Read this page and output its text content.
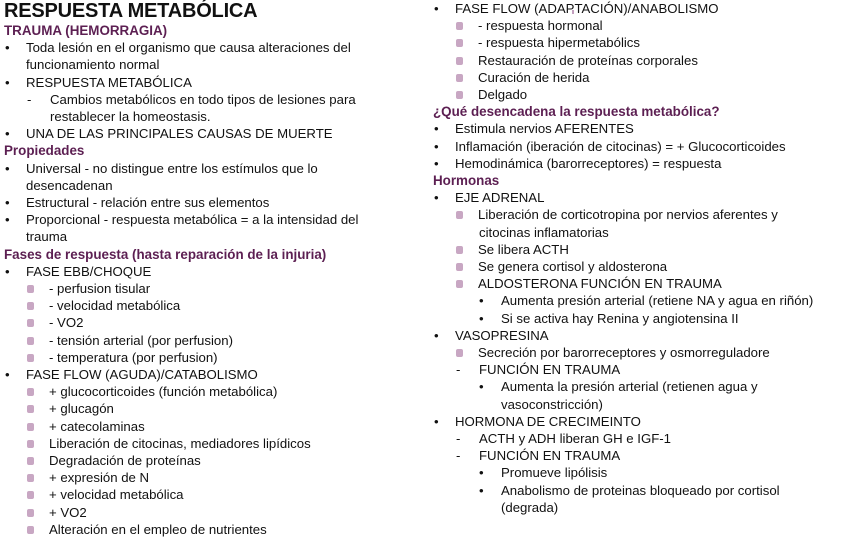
RESPUESTA METABÓLICA
TRAUMA (HEMORRAGIA)
• Toda lesión en el organismo que causa alteraciones del
funcionamiento normal
• RESPUESTA METABÓLICA
- Cambios metabólicos en todo tipos de lesiones para
restablecer la homeostasis.
• UNA DE LAS PRINCIPALES CAUSAS DE MUERTE
Propiedades
• Universal - no distingue entre los estímulos que lo
desencadenan
• Estructural - relación entre sus elementos
• Proporcional - respuesta metabólica = a la intensidad del
trauma
Fases de respuesta (hasta reparación de la injuria)
• FASE EBB/CHOQUE
- perfusion tisular
- velocidad metabólica
- VO2
- tensión arterial (por perfusion)
- temperatura (por perfusion)
• FASE FLOW (AGUDA)/CATABOLISMO
+ glucocorticoides (función metabólica)
+ glucagón
+ catecolaminas
Liberación de citocinas, mediadores lipídicos
Degradación de proteínas
+ expresión de N
+ velocidad metabólica
+ VO2
Alteración en el empleo de nutrientes
• FASE FLOW (ADAPTACIÓN)/ANABOLISMO
- respuesta hormonal
- respuesta hipermetabólics
Restauración de proteínas corporales
Curación de herida
Delgado
¿Qué desencadena la respuesta metabólica?
• Estimula nervios AFERENTES
• Inflamación (iberación de citocinas) = + Glucocorticoides
• Hemodinámica (barorreceptores) = respuesta
Hormonas
• EJE ADRENAL
Liberación de corticotropina por nervios aferentes y
citocinas inflamatorias
Se libera ACTH
Se genera cortisol y aldosterona
ALDOSTERONA FUNCIÓN EN TRAUMA
• Aumenta presión arterial (retiene NA y agua en riñón)
• Si se activa hay Renina y angiotensina II
• VASOPRESINA
Secreción por barorreceptores y osmorreguladore
- FUNCIÓN EN TRAUMA
• Aumenta la presión arterial (retienen agua y
vasoconstricción)
• HORMONA DE CRECIMEINTO
- ACTH y ADH liberan GH e IGF-1
- FUNCIÓN EN TRAUMA
• Promueve lipólisis
• Anabolismo de proteinas bloqueado por cortisol
(degrada)
